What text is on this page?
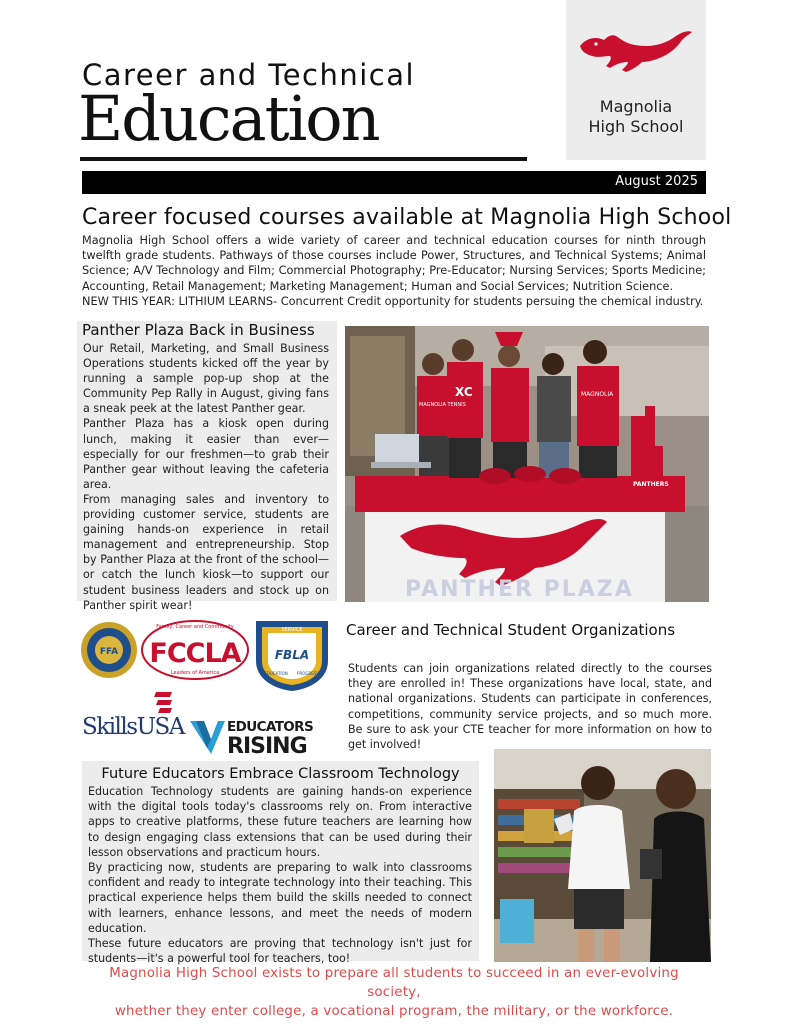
Career and Technical
Education	Magnolia
High School
August 2025
Career focused courses available at Magnolia High School

Magnolia High School offers a wide variety of career and technical education courses for ninth through twelfth grade students. Pathways of those courses include Power, Structures, and Technical Systems; Animal Science; A/V Technology and Film; Commercial Photography; Pre-Educator; Nursing Services; Sports Medicine; Accounting, Retail Management; Marketing Management; Human and Social Services; Nutrition Science.

NEW THIS YEAR: LITHIUM LEARNS- Concurrent Credit opportunity for students persuing the chemical industry.

Panther Plaza Back in Business

Our Retail, Marketing, and Small Business Operations students kicked off the year by running a sample pop-up shop at the Community Pep Rally in August, giving fans a sneak peek at the latest Panther gear.

Panther Plaza has a kiosk open during lunch, making it easier than ever—especially for our freshmen—to grab their Panther gear without leaving the cafeteria area.

From managing sales and inventory to providing customer service, students are gaining hands-on experience in retail management and entrepreneurship. Stop by Panther Plaza at the front of the school—or catch the lunch kiosk—to support our student business leaders and stock up on Panther spirit wear!

PANTHER PLAZA
MAGNOLIA TENNIS
XC	MAGNOLIA
PANTHERS
FFA
Family, Career and Community
FCCLA
Leaders of America
SERVICE
FBLA
EDUCATION PROGRESS
SkillsUSA	EDUCATORS
RISING
Career and Technical Student Organizations
Students can join organizations related directly to the courses they are enrolled in! These organizations have local, state, and national organizations. Students can participate in conferences, competitions, community service projects, and so much more. Be sure to ask your CTE teacher for more information on how to get involved!
Future Educators Embrace Classroom Technology

Education Technology students are gaining hands-on experience with the digital tools today's classrooms rely on. From interactive apps to creative platforms, these future teachers are learning how to design engaging class extensions that can be used during their lesson observations and practicum hours.

By practicing now, students are preparing to walk into classrooms confident and ready to integrate technology into their teaching. This practical experience helps them build the skills needed to connect with learners, enhance lessons, and meet the needs of modern education.

These future educators are proving that technology isn't just for students—it's a powerful tool for teachers, too!

Magnolia High School exists to prepare all students to succeed in an ever-evolving society,
whether they enter college, a vocational program, the military, or the workforce.
